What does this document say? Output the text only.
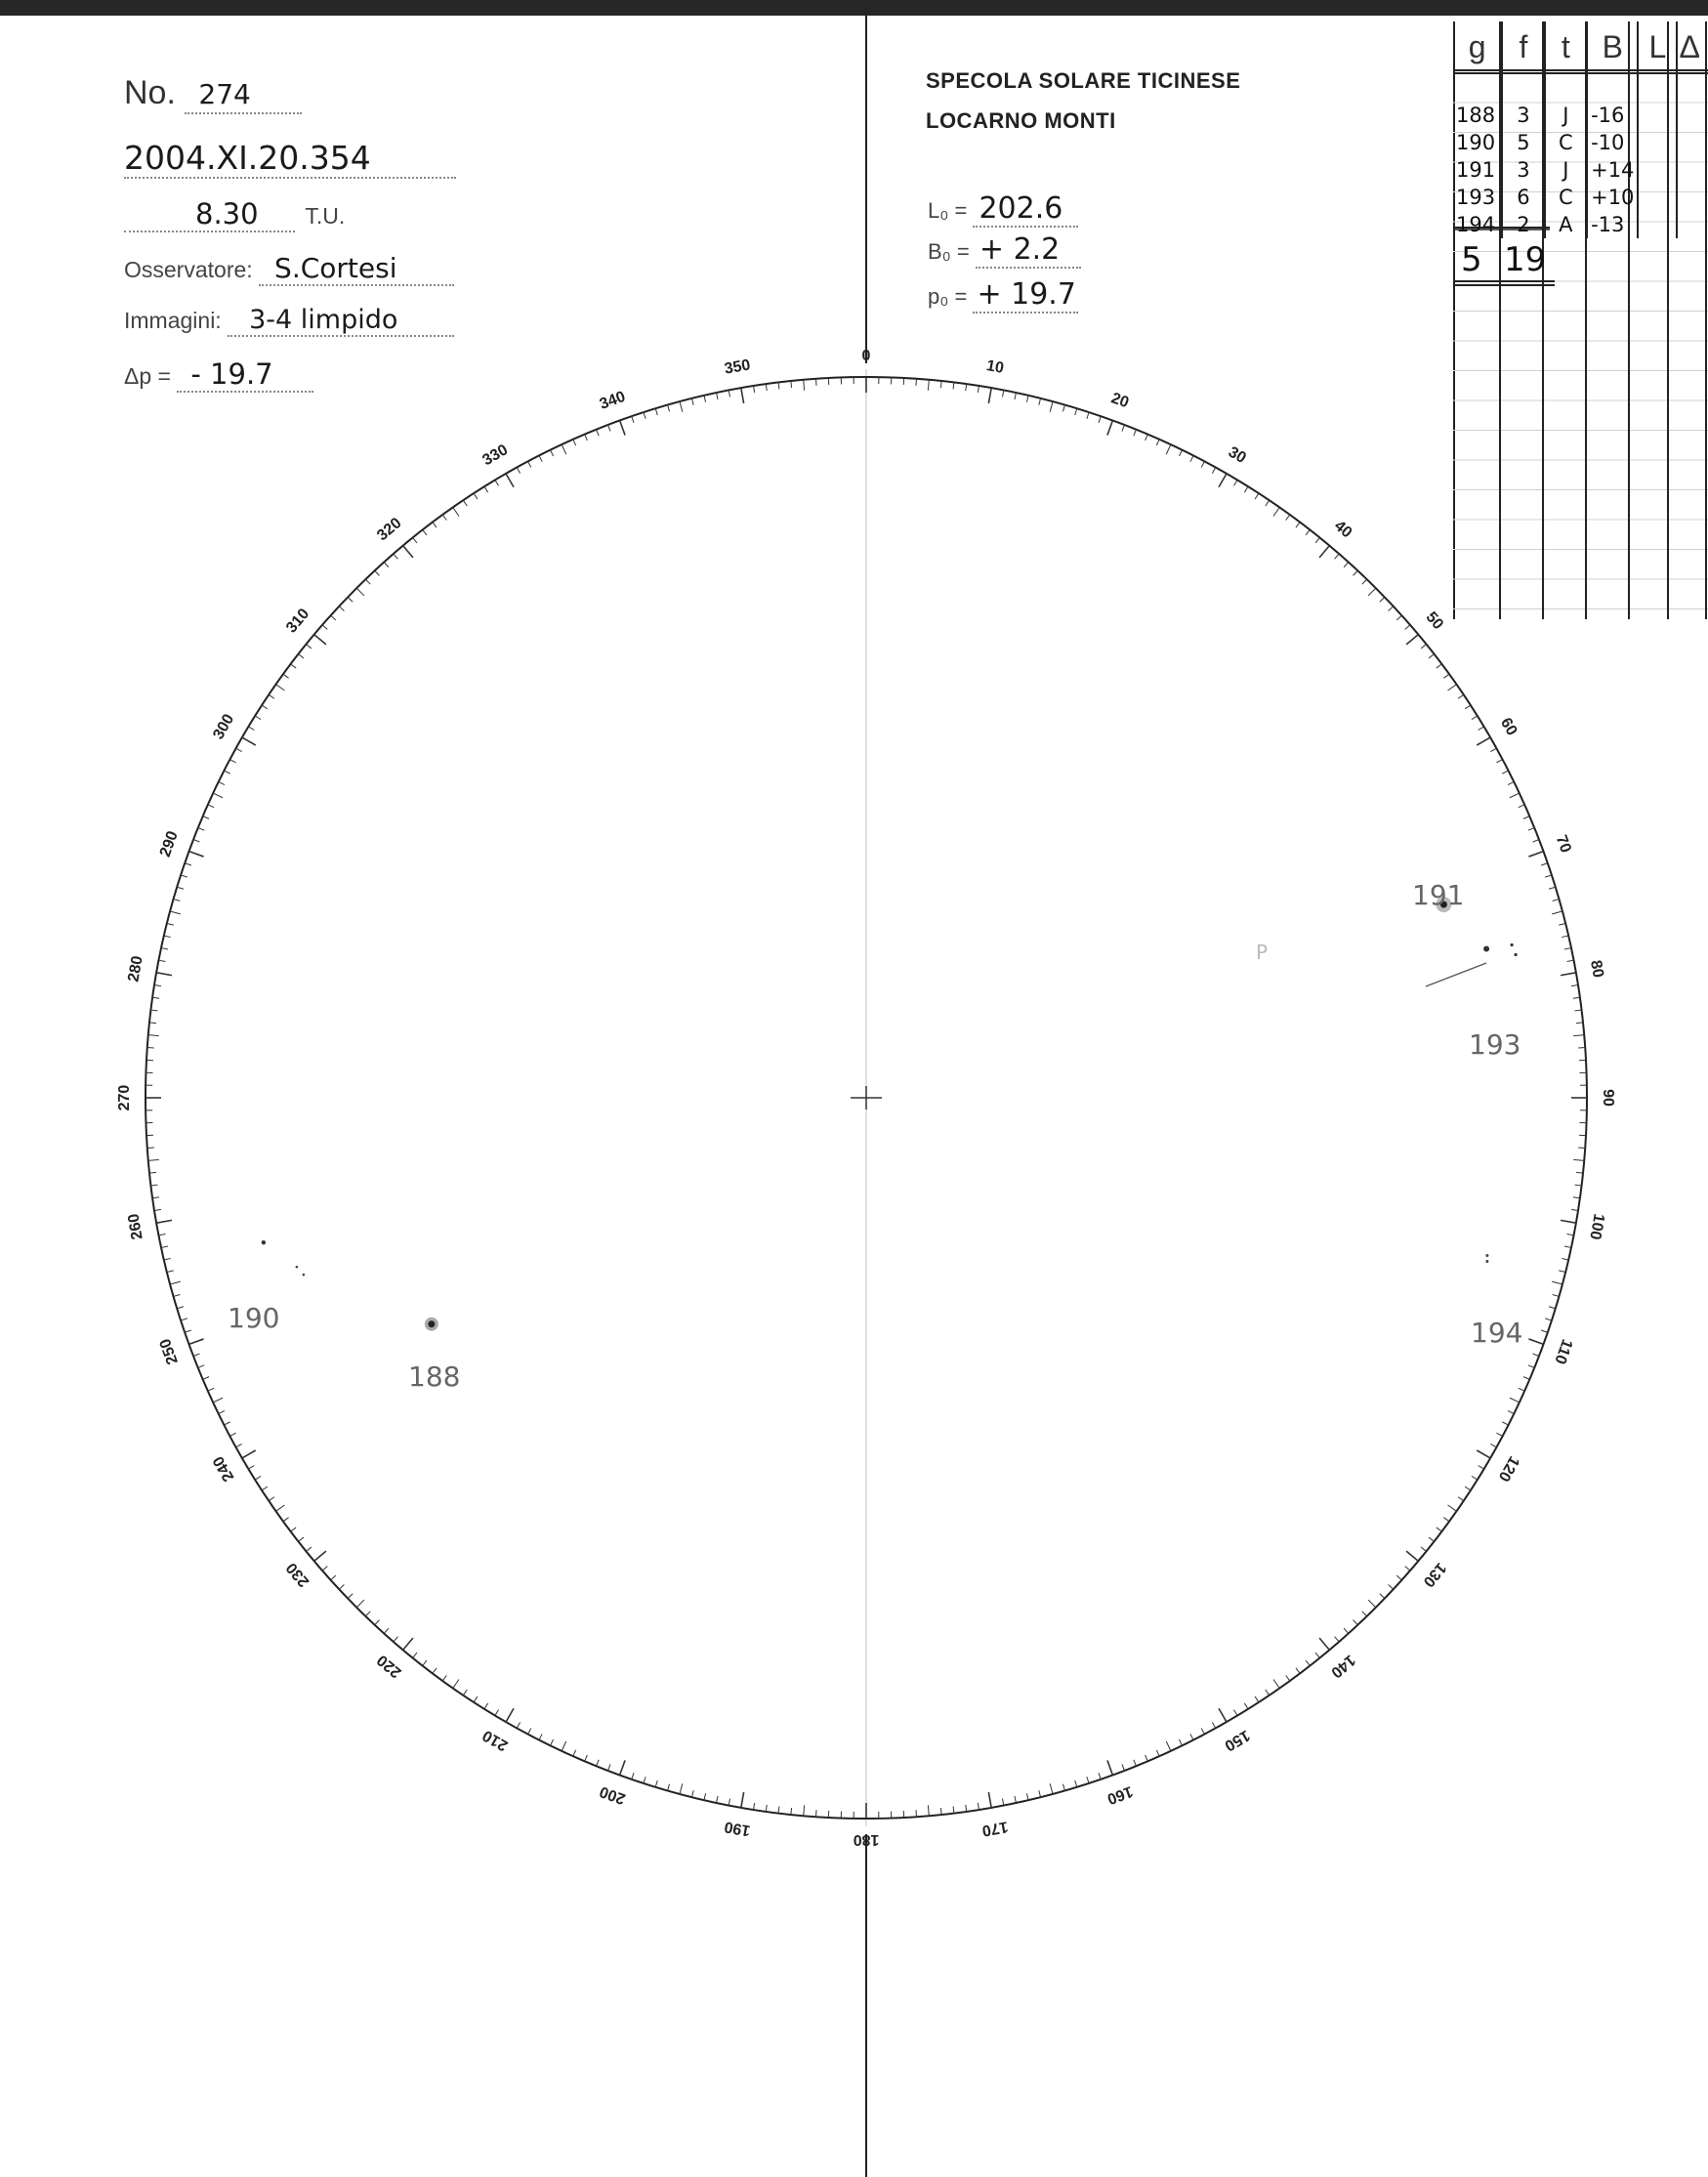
No. 274
2004.XI.20.354
8.30 T.U.
Osservatore: S.Cortesi
Immagini: 3-4 limpido
Δp = - 19.7
SPECOLA SOLARE TICINESE
LOCARNO MONTI
L₀ = 202.6
B₀ = + 2.2
p₀ = + 19.7
g	f	t	B	L	Δ

188	3	J	-16		
190	5	C	-10		
191	3	J	+14		
193	6	C	+10		
194	2	A	-13		
5 19
0
10
20
30
40
50
60
70
80
90
100
110
120
130
140
150
160
170
180
190
200
210
220
230
240
250
260
270
280
290
300
310
320
330
340
350
P
191
193
194
188
190
